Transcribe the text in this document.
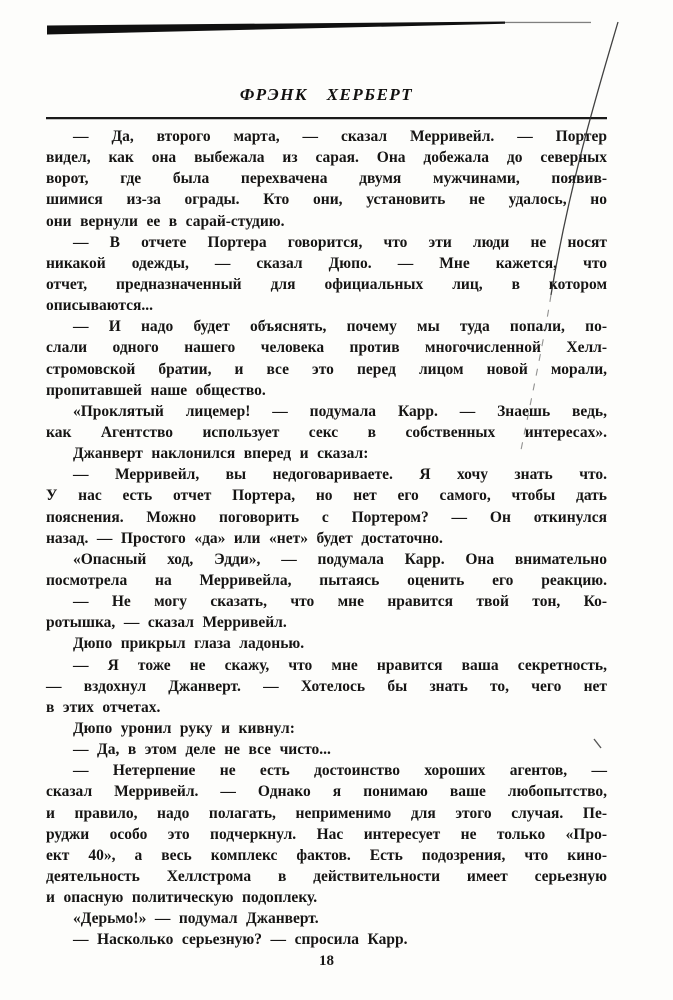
ФРЭНК ХЕРБЕРТ
— Да, второго марта, — сказал Мерривейл. — Портер
видел, как она выбежала из сарая. Она добежала до северных
ворот, где была перехвачена двумя мужчинами, появив-
шимися из-за ограды. Кто они, установить не удалось, но
они вернули ее в сарай-студию.
— В отчете Портера говорится, что эти люди не носят
никакой одежды, — сказал Дюпо. — Мне кажется, что
отчет, предназначенный для официальных лиц, в котором
описываются...
— И надо будет объяснять, почему мы туда попали, по-
слали одного нашего человека против многочисленной Хелл-
стромовской братии, и все это перед лицом новой морали,
пропитавшей наше общество.
«Проклятый лицемер! — подумала Карр. — Знаешь ведь,
как Агентство использует секс в собственных интересах».
Джанверт наклонился вперед и сказал:
— Мерривейл, вы недоговариваете. Я хочу знать что.
У нас есть отчет Портера, но нет его самого, чтобы дать
пояснения. Можно поговорить с Портером? — Он откинулся
назад. — Простого «да» или «нет» будет достаточно.
«Опасный ход, Эдди», — подумала Карр. Она внимательно
посмотрела на Мерривейла, пытаясь оценить его реакцию.
— Не могу сказать, что мне нравится твой тон, Ко-
ротышка, — сказал Мерривейл.
Дюпо прикрыл глаза ладонью.
— Я тоже не скажу, что мне нравится ваша секретность,
— вздохнул Джанверт. — Хотелось бы знать то, чего нет
в этих отчетах.
Дюпо уронил руку и кивнул:
— Да, в этом деле не все чисто...
— Нетерпение не есть достоинство хороших агентов, —
сказал Мерривейл. — Однако я понимаю ваше любопытство,
и правило, надо полагать, неприменимо для этого случая. Пе-
руджи особо это подчеркнул. Нас интересует не только «Про-
ект 40», а весь комплекс фактов. Есть подозрения, что кино-
деятельность Хеллстрома в действительности имеет серьезную
и опасную политическую подоплеку.
«Дерьмо!» — подумал Джанверт.
— Насколько серьезную? — спросила Карр.
18
